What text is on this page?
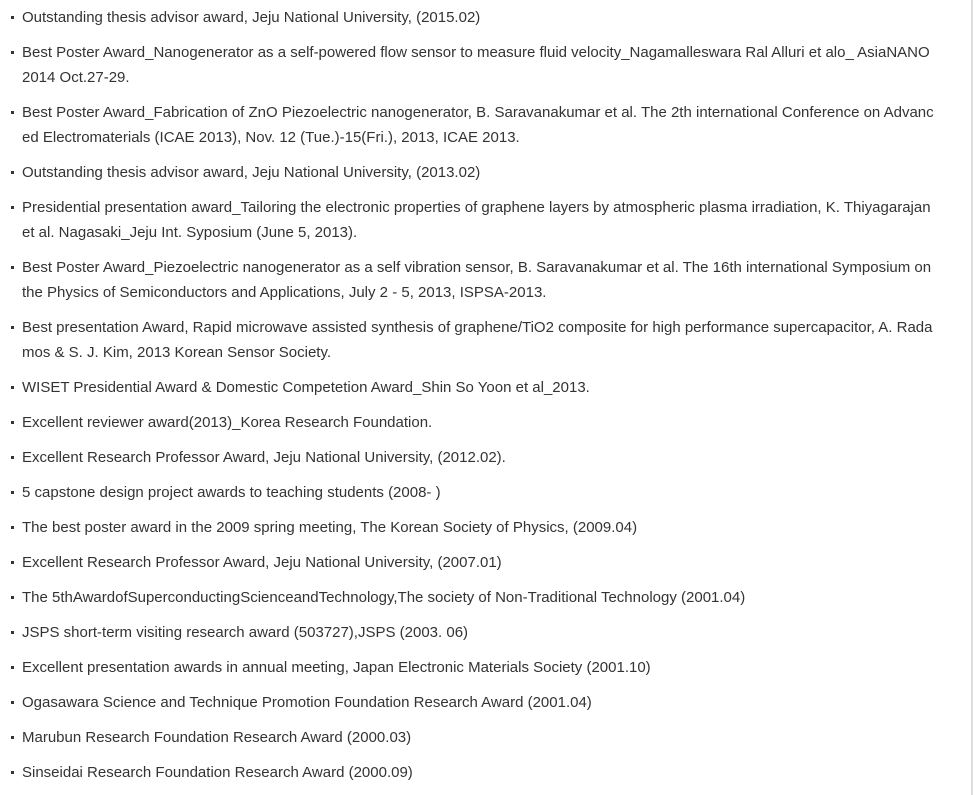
Outstanding thesis advisor award, Jeju National University, (2015.02)
Best Poster Award_Nanogenerator as a self-powered flow sensor to measure fluid velocity_Nagamalleswara Ral Alluri et alo_ AsiaNANO 2014 Oct.27-29.
Best Poster Award_Fabrication of ZnO Piezoelectric nanogenerator, B. Saravanakumar et al. The 2th international Conference on Advanced Electromaterials (ICAE 2013), Nov. 12 (Tue.)-15(Fri.), 2013, ICAE 2013.
Outstanding thesis advisor award, Jeju National University, (2013.02)
Presidential presentation award_Tailoring the electronic properties of graphene layers by atmospheric plasma irradiation, K. Thiyagarajan et al. Nagasaki_Jeju Int. Syposium (June 5, 2013).
Best Poster Award_Piezoelectric nanogenerator as a self vibration sensor, B. Saravanakumar et al. The 16th international Symposium on the Physics of Semiconductors and Applications, July 2 - 5, 2013, ISPSA-2013.
Best presentation Award, Rapid microwave assisted synthesis of graphene/TiO2 composite for high performance supercapacitor, A. Radamos & S. J. Kim, 2013 Korean Sensor Society.
WISET Presidential Award & Domestic Competetion Award_Shin So Yoon et al_2013.
Excellent reviewer award(2013)_Korea Research Foundation.
Excellent Research Professor Award, Jeju National University, (2012.02).
5 capstone design project awards to teaching students (2008- )
The best poster award in the 2009 spring meeting, The Korean Society of Physics, (2009.04)
Excellent Research Professor Award, Jeju National University, (2007.01)
The 5thAwardofSuperconductingScienceandTechnology,The society of Non-Traditional Technology (2001.04)
JSPS short-term visiting research award (503727),JSPS (2003. 06)
Excellent presentation awards in annual meeting, Japan Electronic Materials Society (2001.10)
Ogasawara Science and Technique Promotion Foundation Research Award (2001.04)
Marubun Research Foundation Research Award (2000.03)
Sinseidai Research Foundation Research Award (2000.09)
